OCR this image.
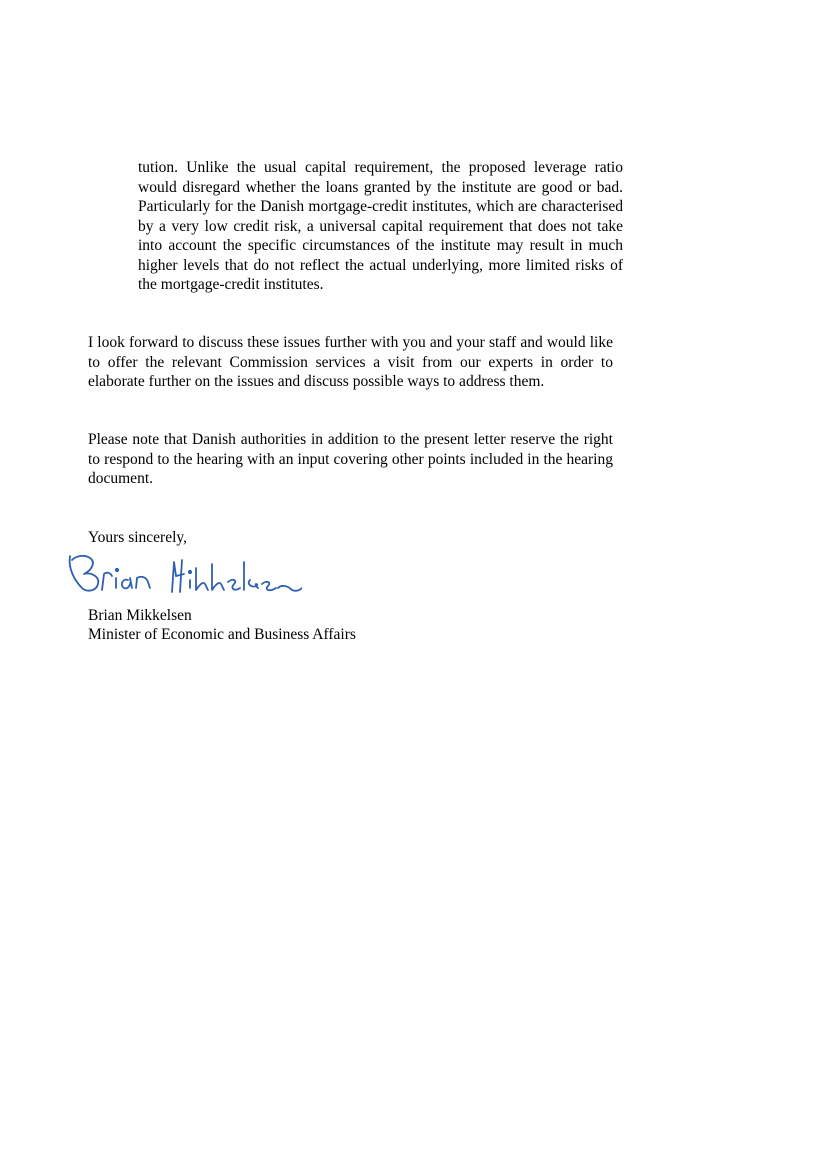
tution. Unlike the usual capital requirement, the proposed leverage ratio would disregard whether the loans granted by the institute are good or bad. Particularly for the Danish mortgage-credit institutes, which are characterised by a very low credit risk, a universal capital requirement that does not take into account the specific circumstances of the institute may result in much higher levels that do not reflect the actual underlying, more limited risks of the mortgage-credit institutes.

I look forward to discuss these issues further with you and your staff and would like to offer the relevant Commission services a visit from our experts in order to elaborate further on the issues and discuss possible ways to address them.

Please note that Danish authorities in addition to the present letter reserve the right to respond to the hearing with an input covering other points included in the hearing document.

Yours sincerely,

Brian Mikkelsen

Minister of Economic and Business Affairs
